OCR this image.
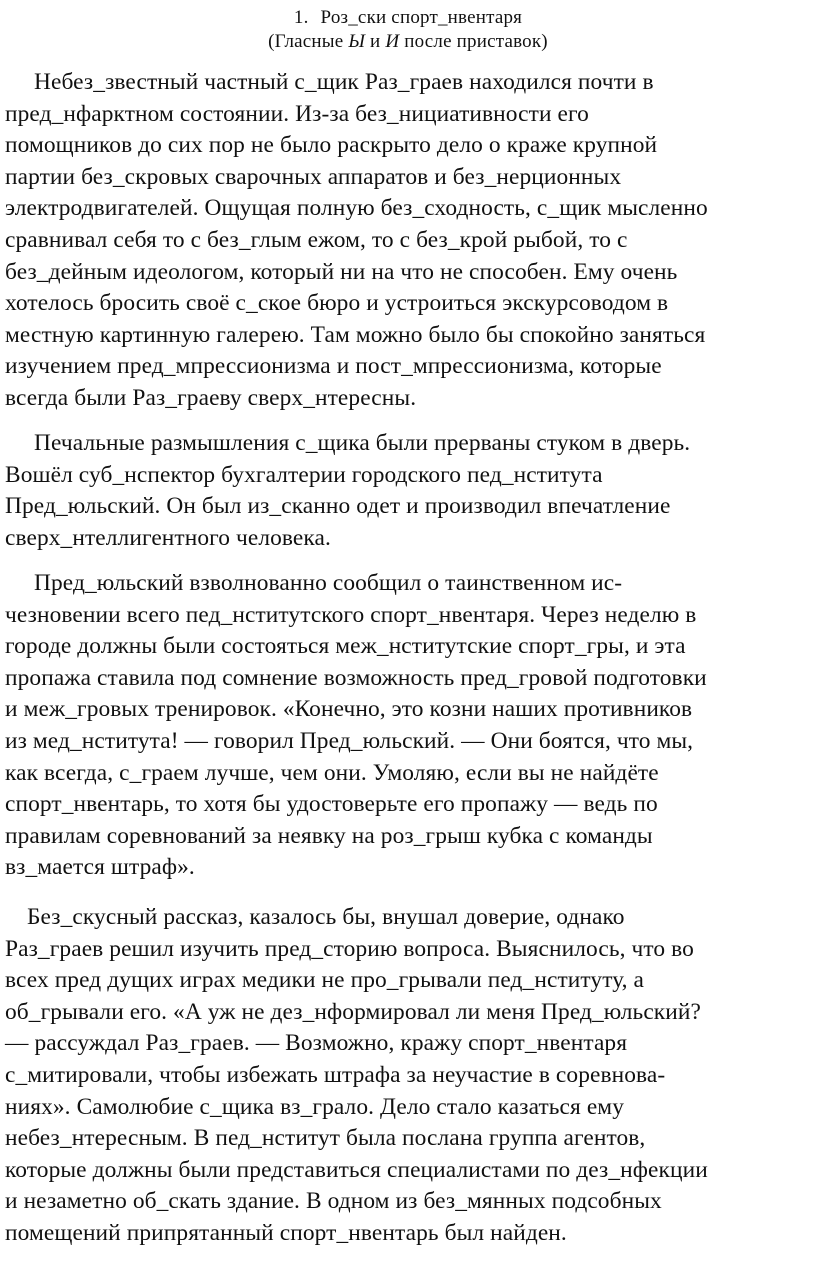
1. Роз_ски спорт_нвентаря
(Гласные Ы и И после приставок)
Небез_звестный частный с_щик Раз_граев находился почти в
пред_нфарктном состоянии. Из-за без_нициативности его
помощников до сих пор не было раскрыто дело о краже крупной
партии без_скровых сварочных аппаратов и без_нерционных
электродвигателей. Ощущая полную без_сходность, с_щик мысленно
сравнивал себя то с без_глым ежом, то с без_крой рыбой, то с
без_дейным идеологом, который ни на что не способен. Ему очень
хотелось бросить своё с_ское бюро и устроиться экскурсоводом в
местную картинную галерею. Там можно было бы спокойно заняться
изучением пред_мпрессионизма и пост_мпрессионизма, которые
всегда были Раз_граеву сверх_нтересны.
Печальные размышления с_щика были прерваны стуком в дверь.
Вошёл суб_нспектор бухгалтерии городского пед_нститута
Пред_юльский. Он был из_сканно одет и производил впечатление
сверх_нтеллигентного человека.
Пред_юльский взволнованно сообщил о таинственном ис-
чезновении всего пед_нститутского спорт_нвентаря. Через неделю в
городе должны были состояться меж_нститутские спорт_гры, и эта
пропажа ставила под сомнение возможность пред_гровой подготовки
и меж_гровых тренировок. «Конечно, это козни наших противников
из мед_нститута! — говорил Пред_юльский. — Они боятся, что мы,
как всегда, с_граем лучше, чем они. Умоляю, если вы не найдёте
спорт_нвентарь, то хотя бы удостоверьте его пропажу — ведь по
правилам соревнований за неявку на роз_грыш кубка с команды
вз_мается штраф».
Без_скусный рассказ, казалось бы, внушал доверие, однако
Раз_граев решил изучить пред_сторию вопроса. Выяснилось, что во
всех пред дущих играх медики не про_грывали пед_нституту, а
об_грывали его. «А уж не дез_нформировал ли меня Пред_юльский?
— рассуждал Раз_граев. — Возможно, кражу спорт_нвентаря
с_митировали, чтобы избежать штрафа за неучастие в соревнова-
ниях». Самолюбие с_щика вз_грало. Дело стало казаться ему
небез_нтересным. В пед_нститут была послана группа агентов,
которые должны были представиться специалистами по дез_нфекции
и незаметно об_скать здание. В одном из без_мянных подсобных
помещений припрятанный спорт_нвентарь был найден.
